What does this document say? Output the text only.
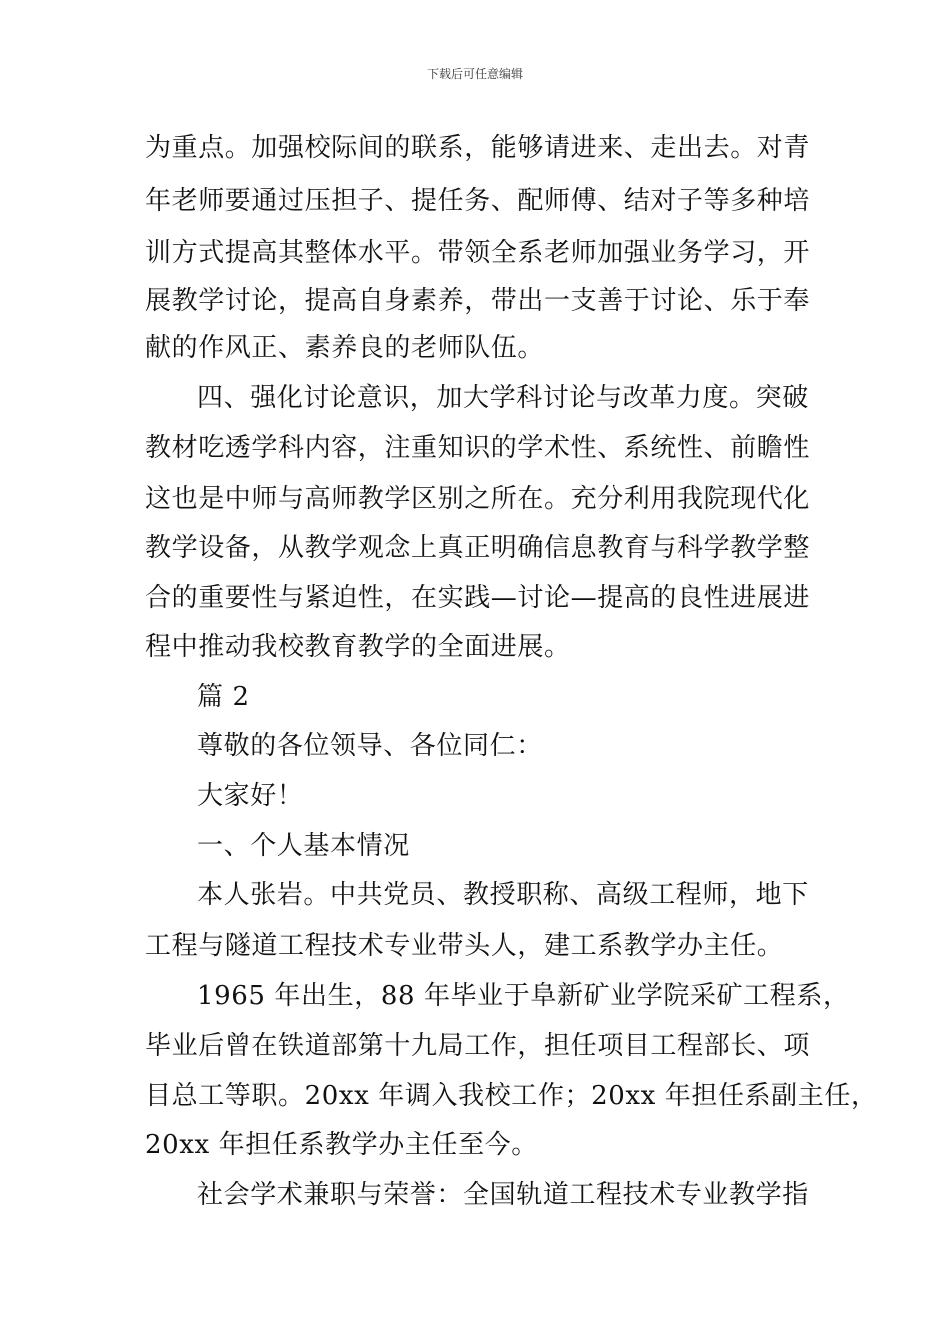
下载后可任意编辑
为重点。加强校际间的联系，能够请进来、走出去。对青
年老师要通过压担子、提任务、配师傅、结对子等多种培
训方式提高其整体水平。带领全系老师加强业务学习，开
展教学讨论，提高自身素养，带出一支善于讨论、乐于奉
献的作风正、素养良的老师队伍。
四、强化讨论意识，加大学科讨论与改革力度。突破
教材吃透学科内容，注重知识的学术性、系统性、前瞻性
这也是中师与高师教学区别之所在。充分利用我院现代化
教学设备，从教学观念上真正明确信息教育与科学教学整
合的重要性与紧迫性，在实践—讨论—提高的良性进展进
程中推动我校教育教学的全面进展。
篇 2
尊敬的各位领导、各位同仁：
大家好！
一、个人基本情况
本人张岩。中共党员、教授职称、高级工程师，地下
工程与隧道工程技术专业带头人，建工系教学办主任。
1965 年出生，88 年毕业于阜新矿业学院采矿工程系，
毕业后曾在铁道部第十九局工作，担任项目工程部长、项
目总工等职。20xx 年调入我校工作；20xx 年担任系副主任，
20xx 年担任系教学办主任至今。
社会学术兼职与荣誉：全国轨道工程技术专业教学指
